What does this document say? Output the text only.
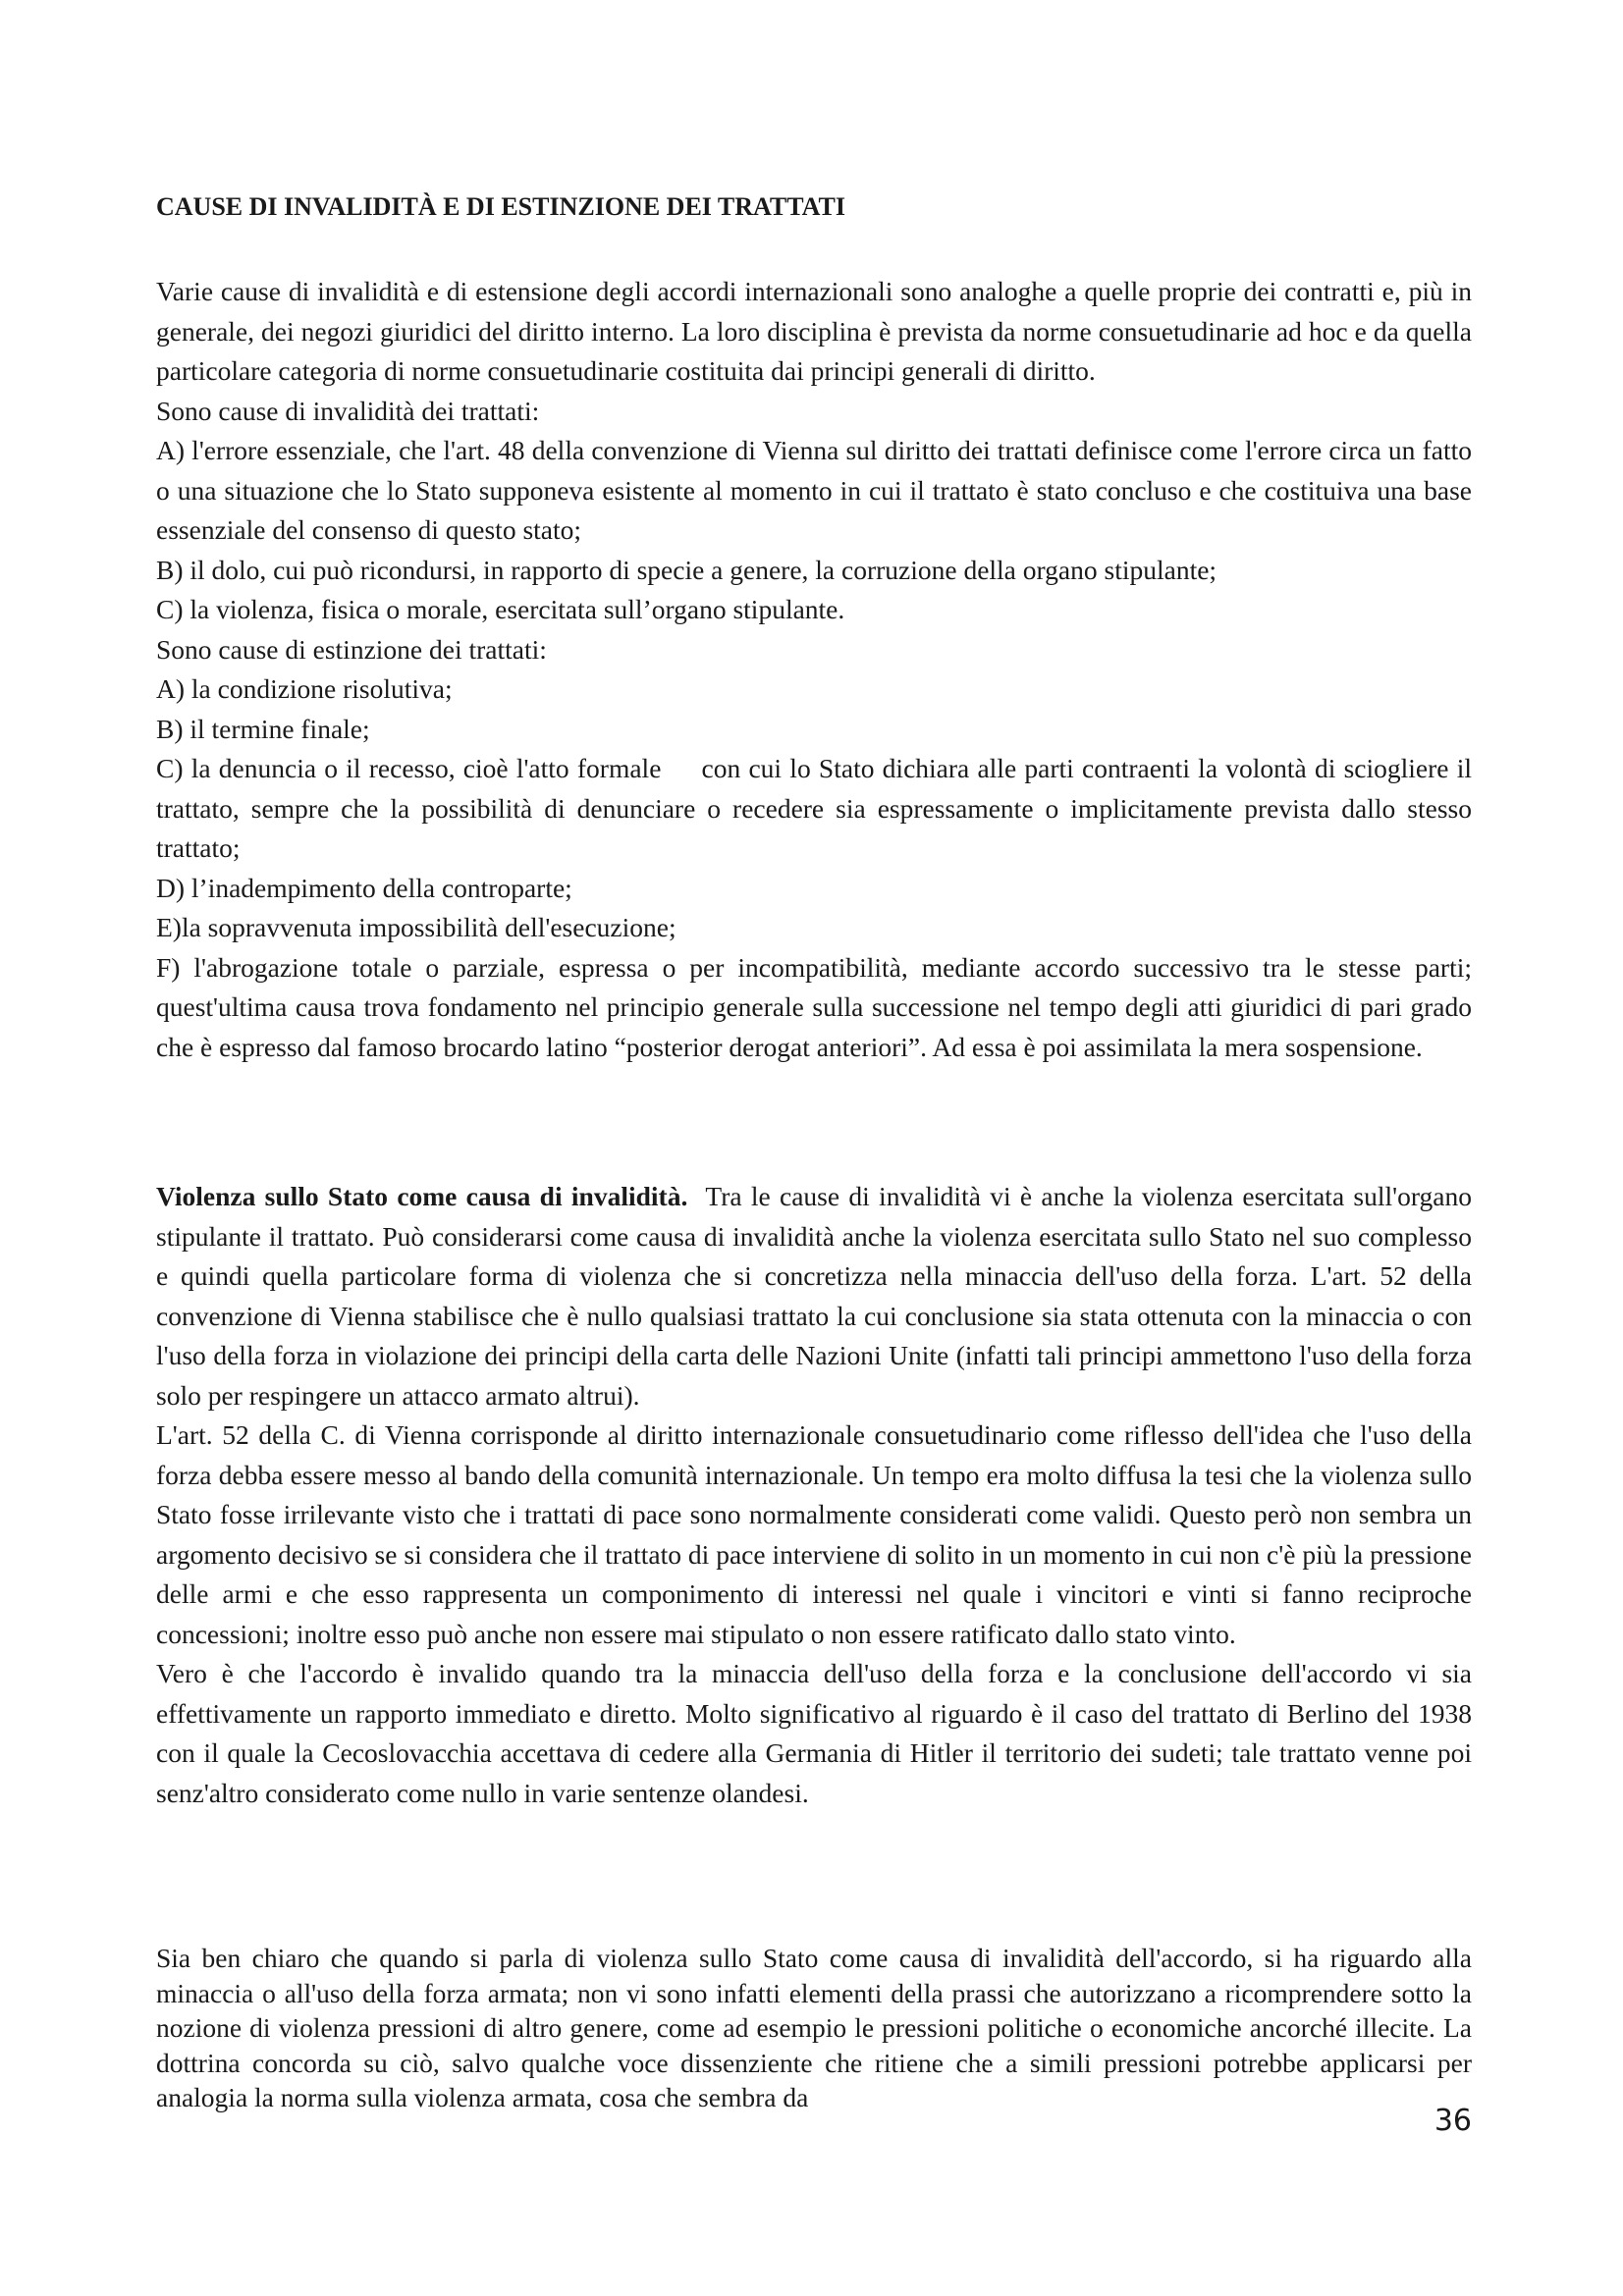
CAUSE DI INVALIDITÀ E DI ESTINZIONE DEI TRATTATI

Varie cause di invalidità e di estensione degli accordi internazionali sono analoghe a quelle proprie dei contratti e, più in generale, dei negozi giuridici del diritto interno. La loro disciplina è prevista da norme consuetudinarie ad hoc e da quella particolare categoria di norme consuetudinarie costituita dai principi generali di diritto.

Sono cause di invalidità dei trattati:

A) l'errore essenziale, che l'art. 48 della convenzione di Vienna sul diritto dei trattati definisce come l'errore circa un fatto o una situazione che lo Stato supponeva esistente al momento in cui il trattato è stato concluso e che costituiva una base essenziale del consenso di questo stato;

B) il dolo, cui può ricondursi, in rapporto di specie a genere, la corruzione della organo stipulante;

C) la violenza, fisica o morale, esercitata sull’organo stipulante.

Sono cause di estinzione dei trattati:

A) la condizione risolutiva;

B) il termine finale;

C) la denuncia o il recesso, cioè l'atto formale     con cui lo Stato dichiara alle parti contraenti la volontà di sciogliere il trattato, sempre che la possibilità di denunciare o recedere sia espressamente o implicitamente prevista dallo stesso trattato;

D) l’inadempimento della controparte;

E)la sopravvenuta impossibilità dell'esecuzione;

F) l'abrogazione totale o parziale, espressa o per incompatibilità, mediante accordo successivo tra le stesse parti; quest'ultima causa trova fondamento nel principio generale sulla successione nel tempo degli atti giuridici di pari grado che è espresso dal famoso brocardo latino “posterior derogat anteriori”. Ad essa è poi assimilata la mera sospensione.

Violenza sullo Stato come causa di invalidità.  Tra le cause di invalidità vi è anche la violenza esercitata sull'organo stipulante il trattato. Può considerarsi come causa di invalidità anche la violenza esercitata sullo Stato nel suo complesso e quindi quella particolare forma di violenza che si concretizza nella minaccia dell'uso della forza. L'art. 52 della convenzione di Vienna stabilisce che è nullo qualsiasi trattato la cui conclusione sia stata ottenuta con la minaccia o con l'uso della forza in violazione dei principi della carta delle Nazioni Unite (infatti tali principi ammettono l'uso della forza solo per respingere un attacco armato altrui).

L'art. 52 della C. di Vienna corrisponde al diritto internazionale consuetudinario come riflesso dell'idea che l'uso della forza debba essere messo al bando della comunità internazionale. Un tempo era molto diffusa la tesi che la violenza sullo Stato fosse irrilevante visto che i trattati di pace sono normalmente considerati come validi. Questo però non sembra un argomento decisivo se si considera che il trattato di pace interviene di solito in un momento in cui non c'è più la pressione delle armi e che esso rappresenta un componimento di interessi nel quale i vincitori e vinti si fanno reciproche concessioni; inoltre esso può anche non essere mai stipulato o non essere ratificato dallo stato vinto.

Vero è che l'accordo è invalido quando tra la minaccia dell'uso della forza e la conclusione dell'accordo vi sia effettivamente un rapporto immediato e diretto. Molto significativo al riguardo è il caso del trattato di Berlino del 1938 con il quale la Cecoslovacchia accettava di cedere alla Germania di Hitler il territorio dei sudeti; tale trattato venne poi senz'altro considerato come nullo in varie sentenze olandesi.

Sia ben chiaro che quando si parla di violenza sullo Stato come causa di invalidità dell'accordo, si ha riguardo alla minaccia o all'uso della forza armata; non vi sono infatti elementi della prassi che autorizzano a ricomprendere sotto la nozione di violenza pressioni di altro genere, come ad esempio le pressioni politiche o economiche ancorché illecite. La dottrina concorda su ciò, salvo qualche voce dissenziente che ritiene che a simili pressioni potrebbe applicarsi per analogia la norma sulla violenza armata, cosa che sembra da

36
